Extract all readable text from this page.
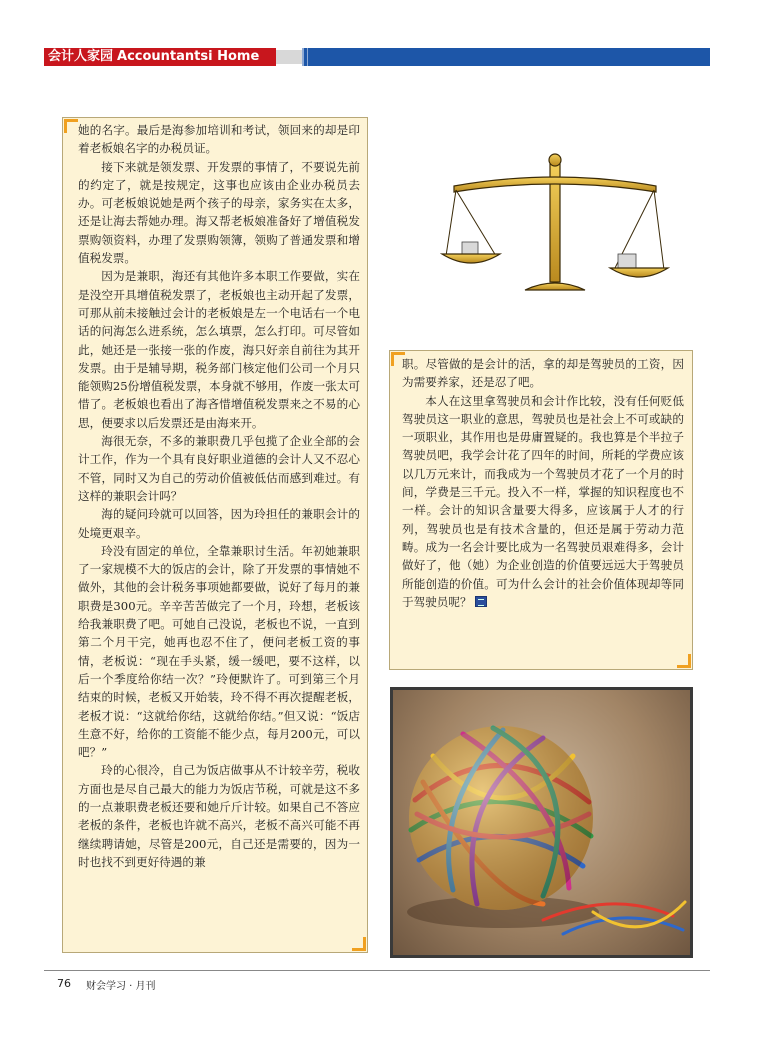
会计人家园 Accountantsi Home

她的名字。最后是海参加培训和考试，领回来的却是印着老板娘名字的办税员证。

接下来就是领发票、开发票的事情了，不要说先前的约定了，就是按规定，这事也应该由企业办税员去办。可老板娘说她是两个孩子的母亲，家务实在太多，还是让海去帮她办理。海又帮老板娘准备好了增值税发票购领资料，办理了发票购领簿，领购了普通发票和增值税发票。

因为是兼职，海还有其他许多本职工作要做，实在是没空开具增值税发票了，老板娘也主动开起了发票，可那从前未接触过会计的老板娘是左一个电话右一个电话的问海怎么进系统，怎么填票，怎么打印。可尽管如此，她还是一张接一张的作废，海只好亲自前往为其开发票。由于是辅导期，税务部门核定他们公司一个月只能领购25份增值税发票，本身就不够用，作废一张太可惜了。老板娘也看出了海吝惜增值税发票来之不易的心思，便要求以后发票还是由海来开。

海很无奈，不多的兼职费几乎包揽了企业全部的会计工作，作为一个具有良好职业道德的会计人又不忍心不管，同时又为自己的劳动价值被低估而感到难过。有这样的兼职会计吗？

海的疑问玲就可以回答，因为玲担任的兼职会计的处境更艰辛。

玲没有固定的单位，全靠兼职讨生活。年初她兼职了一家规模不大的饭店的会计，除了开发票的事情她不做外，其他的会计税务事项她都要做，说好了每月的兼职费是300元。辛辛苦苦做完了一个月，玲想，老板该给我兼职费了吧。可她自己没说，老板也不说，一直到第二个月干完，她再也忍不住了，便问老板工资的事情，老板说：“现在手头紧，缓一缓吧，要不这样，以后一个季度给你结一次？”玲便默许了。可到第三个月结束的时候，老板又开始装，玲不得不再次提醒老板，老板才说：“这就给你结，这就给你结。”但又说：“饭店生意不好，给你的工资能不能少点，每月200元，可以吧？”

玲的心很冷，自己为饭店做事从不计较辛劳，税收方面也是尽自己最大的能力为饭店节税，可就是这不多的一点兼职费老板还要和她斤斤计较。如果自己不答应老板的条件，老板也许就不高兴，老板不高兴可能不再继续聘请她，尽管是200元，自己还是需要的，因为一时也找不到更好待遇的兼

职。尽管做的是会计的活，拿的却是驾驶员的工资，因为需要养家，还是忍了吧。

本人在这里拿驾驶员和会计作比较，没有任何贬低驾驶员这一职业的意思，驾驶员也是社会上不可或缺的一项职业，其作用也是毋庸置疑的。我也算是个半拉子驾驶员吧，我学会计花了四年的时间，所耗的学费应该以几万元来计，而我成为一个驾驶员才花了一个月的时间，学费是三千元。投入不一样，掌握的知识程度也不一样。会计的知识含量要大得多，应该属于人才的行列，驾驶员也是有技术含量的，但还是属于劳动力范畴。成为一名会计要比成为一名驾驶员艰难得多，会计做好了，他（她）为企业创造的价值要远远大于驾驶员所能创造的价值。可为什么会计的社会价值体现却等同于驾驶员呢？

76 财会学习 · 月刊
